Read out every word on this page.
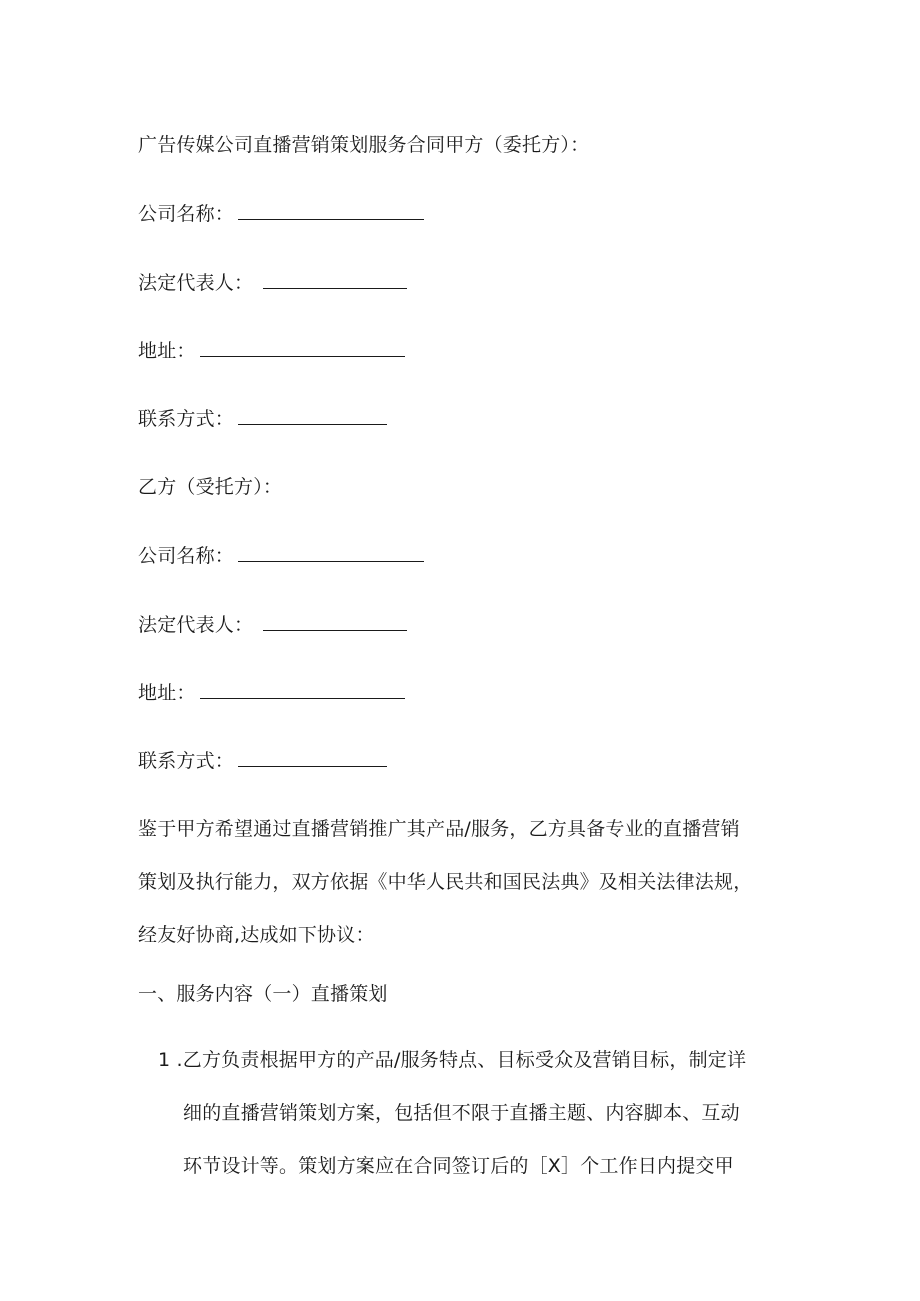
广告传媒公司直播营销策划服务合同甲方（委托方）：
公司名称：
法定代表人：
地址：
联系方式：
乙方（受托方）：
公司名称：
法定代表人：
地址：
联系方式：
鉴于甲方希望通过直播营销推广其产品/服务，乙方具备专业的直播营销
策划及执行能力，双方依据《中华人民共和国民法典》及相关法律法规，
经友好协商,达成如下协议：
一、服务内容（一）直播策划
1 .乙方负责根据甲方的产品/服务特点、目标受众及营销目标，制定详
细的直播营销策划方案，包括但不限于直播主题、内容脚本、互动
环节设计等。策划方案应在合同签订后的［X］个工作日内提交甲
